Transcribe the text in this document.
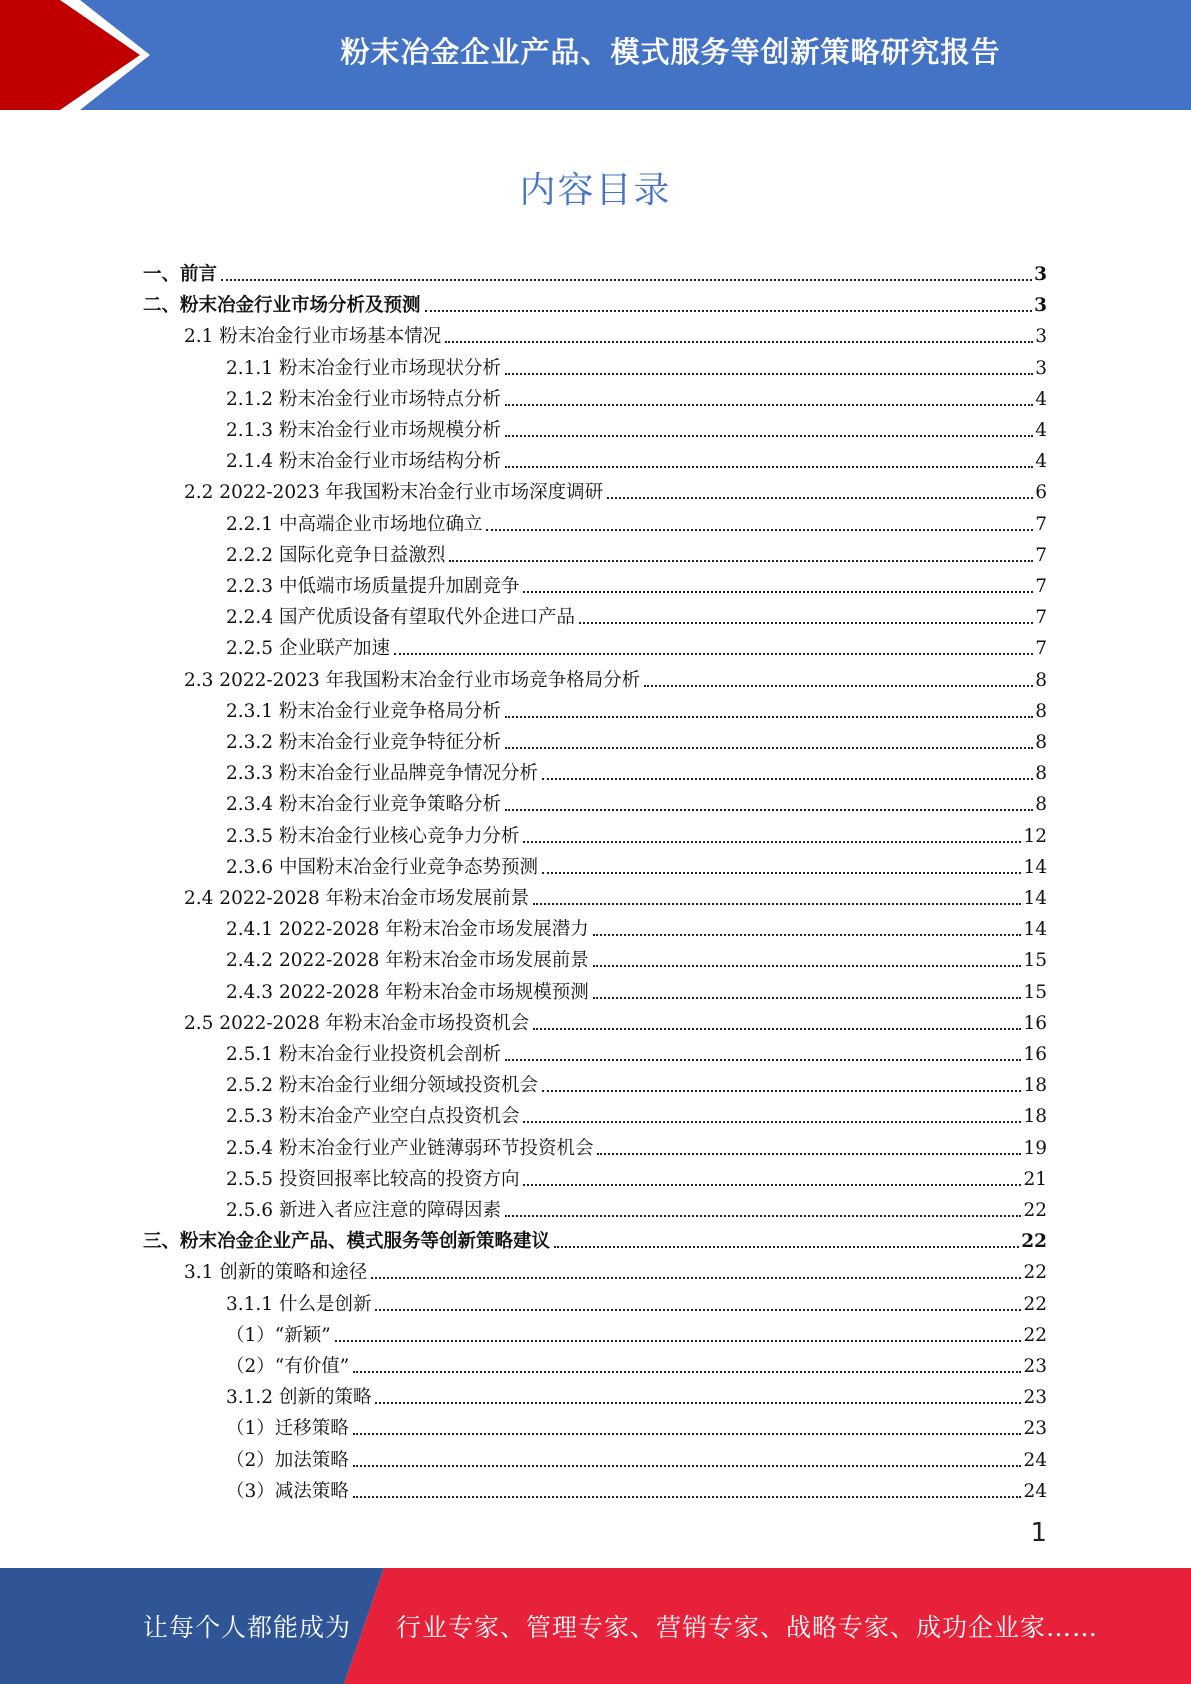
粉末冶金企业产品、模式服务等创新策略研究报告
内容目录
一、前言	3
二、粉末冶金行业市场分析及预测	3
2.1 粉末冶金行业市场基本情况	3
2.1.1 粉末冶金行业市场现状分析	3
2.1.2 粉末冶金行业市场特点分析	4
2.1.3 粉末冶金行业市场规模分析	4
2.1.4 粉末冶金行业市场结构分析	4
2.2 2022-2023 年我国粉末冶金行业市场深度调研	6
2.2.1 中高端企业市场地位确立	7
2.2.2 国际化竞争日益激烈	7
2.2.3 中低端市场质量提升加剧竞争	7
2.2.4 国产优质设备有望取代外企进口产品	7
2.2.5 企业联产加速	7
2.3 2022-2023 年我国粉末冶金行业市场竞争格局分析	8
2.3.1 粉末冶金行业竞争格局分析	8
2.3.2 粉末冶金行业竞争特征分析	8
2.3.3 粉末冶金行业品牌竞争情况分析	8
2.3.4 粉末冶金行业竞争策略分析	8
2.3.5 粉末冶金行业核心竞争力分析	12
2.3.6 中国粉末冶金行业竞争态势预测	14
2.4 2022-2028 年粉末冶金市场发展前景	14
2.4.1 2022-2028 年粉末冶金市场发展潜力	14
2.4.2 2022-2028 年粉末冶金市场发展前景	15
2.4.3 2022-2028 年粉末冶金市场规模预测	15
2.5 2022-2028 年粉末冶金市场投资机会	16
2.5.1 粉末冶金行业投资机会剖析	16
2.5.2 粉末冶金行业细分领域投资机会	18
2.5.3 粉末冶金产业空白点投资机会	18
2.5.4 粉末冶金行业产业链薄弱环节投资机会	19
2.5.5 投资回报率比较高的投资方向	21
2.5.6 新进入者应注意的障碍因素	22
三、粉末冶金企业产品、模式服务等创新策略建议	22
3.1 创新的策略和途径	22
3.1.1 什么是创新	22
（1）“新颖”	22
（2）“有价值”	23
3.1.2 创新的策略	23
（1）迁移策略	23
（2）加法策略	24
（3）减法策略	24
1
让每个人都能成为 行业专家、管理专家、营销专家、战略专家、成功企业家……
